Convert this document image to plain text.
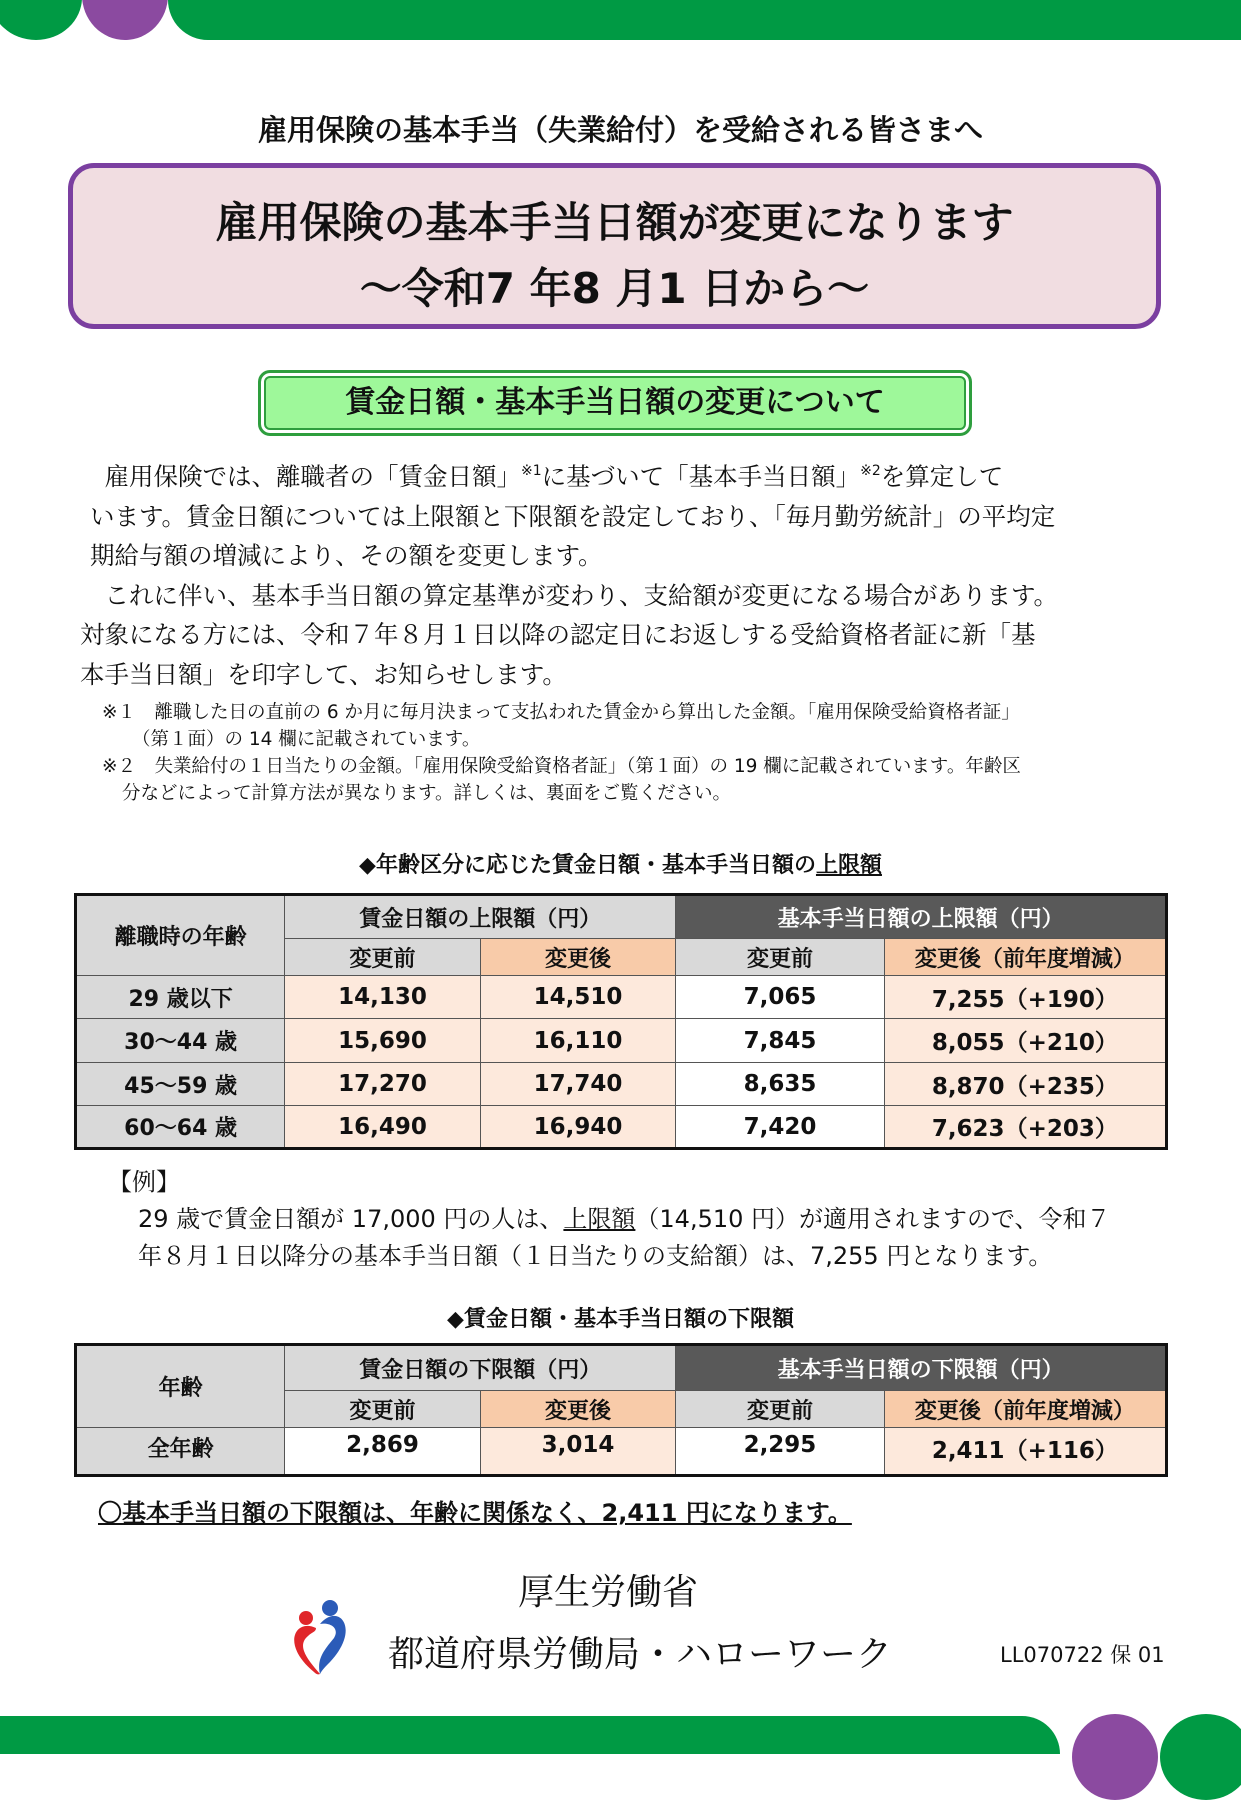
雇用保険の基本手当（失業給付）を受給される皆さまへ
雇用保険の基本手当日額が変更になります
～令和7 年8 月1 日から～
賃金日額・基本手当日額の変更について
　雇用保険では、離職者の「賃金日額」$^{※1}$に基づいて「基本手当日額」$^{※2}$を算定して
います。賃金日額については上限額と下限額を設定しており、「毎月勤労統計」の平均定
期給与額の増減により、その額を変更します。
　これに伴い、基本手当日額の算定基準が変わり、支給額が変更になる場合があります。
対象になる方には、令和７年８月１日以降の認定日にお返しする受給資格者証に新「基
本手当日額」を印字して、お知らせします。
※１　離職した日の直前の 6 か月に毎月決まって支払われた賃金から算出した金額。「雇用保険受給資格者証」
（第１面）の 14 欄に記載されています。
※２　失業給付の１日当たりの金額。「雇用保険受給資格者証」（第１面）の 19 欄に記載されています。年齢区
分などによって計算方法が異なります。詳しくは、裏面をご覧ください。
◆年齢区分に応じた賃金日額・基本手当日額の上限額
離職時の年齢	賃金日額の上限額（円）		基本手当日額の上限額（円）	
	変更前	変更後	変更前	変更後（前年度増減）
29 歳以下	14,130	14,510	7,065	7,255（+190）
30～44 歳	15,690	16,110	7,845	8,055（+210）
45～59 歳	17,270	17,740	8,635	8,870（+235）
60～64 歳	16,490	16,940	7,420	7,623（+203）
【例】
29 歳で賃金日額が 17,000 円の人は、上限額（14,510 円）が適用されますので、令和７
年８月１日以降分の基本手当日額（１日当たりの支給額）は、7,255 円となります。
◆賃金日額・基本手当日額の下限額
年齢	賃金日額の下限額（円）		基本手当日額の下限額（円）	
	変更前	変更後	変更前	変更後（前年度増減）
全年齢	2,869	3,014	2,295	2,411（+116）
〇基本手当日額の下限額は、年齢に関係なく、2,411 円になります。
厚生労働省
都道府県労働局・ハローワーク	LL070722 保 01
